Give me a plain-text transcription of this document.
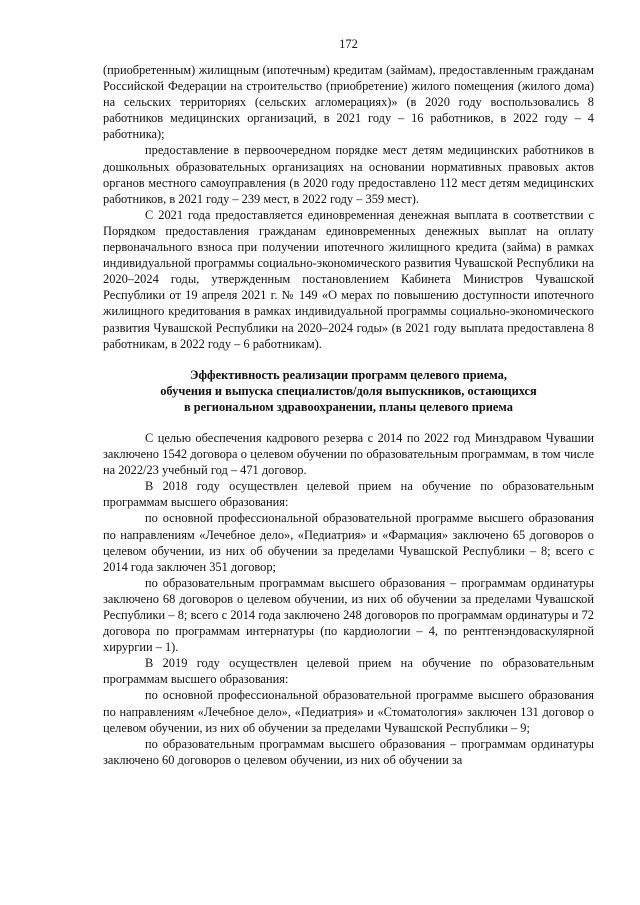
172

(приобретенным) жилищным (ипотечным) кредитам (займам), предоставленным гражданам Российской Федерации на строительство (приобретение) жилого помещения (жилого дома) на сельских территориях (сельских агломерациях)» (в 2020 году воспользовались 8 работников медицинских организаций, в 2021 году – 16 работников, в 2022 году – 4 работника);

предоставление в первоочередном порядке мест детям медицинских работников в дошкольных образовательных организациях на основании нормативных правовых актов органов местного самоуправления (в 2020 году предоставлено 112 мест детям медицинских работников, в 2021 году – 239 мест, в 2022 году – 359 мест).

С 2021 года предоставляется единовременная денежная выплата в соответствии с Порядком предоставления гражданам единовременных денежных выплат на оплату первоначального взноса при получении ипотечного жилищного кредита (займа) в рамках индивидуальной программы социально-экономического развития Чувашской Республики на 2020–2024 годы, утвержденным постановлением Кабинета Министров Чувашской Республики от 19 апреля 2021 г. № 149 «О мерах по повышению доступности ипотечного жилищного кредитования в рамках индивидуальной программы социально-экономического развития Чувашской Республики на 2020–2024 годы» (в 2021 году выплата предоставлена 8 работникам, в 2022 году – 6 работникам).

Эффективность реализации программ целевого приема,
обучения и выпуска специалистов/доля выпускников, остающихся
в региональном здравоохранении, планы целевого приема

С целью обеспечения кадрового резерва с 2014 по 2022 год Минздравом Чувашии заключено 1542 договора о целевом обучении по образовательным программам, в том числе на 2022/23 учебный год – 471 договор.

В 2018 году осуществлен целевой прием на обучение по образовательным программам высшего образования:

по основной профессиональной образовательной программе высшего образования по направлениям «Лечебное дело», «Педиатрия» и «Фармация» заключено 65 договоров о целевом обучении, из них об обучении за пределами Чувашской Республики – 8; всего с 2014 года заключен 351 договор;

по образовательным программам высшего образования – программам ординатуры заключено 68 договоров о целевом обучении, из них об обучении за пределами Чувашской Республики – 8; всего с 2014 года заключено 248 договоров по программам ординатуры и 72 договора по программам интернатуры (по кардиологии – 4, по рентгенэндоваскулярной хирургии – 1).

В 2019 году осуществлен целевой прием на обучение по образовательным программам высшего образования:

по основной профессиональной образовательной программе высшего образования по направлениям «Лечебное дело», «Педиатрия» и «Стоматология» заключен 131 договор о целевом обучении, из них об обучении за пределами Чувашской Республики – 9;

по образовательным программам высшего образования – программам ординатуры заключено 60 договоров о целевом обучении, из них об обучении за
